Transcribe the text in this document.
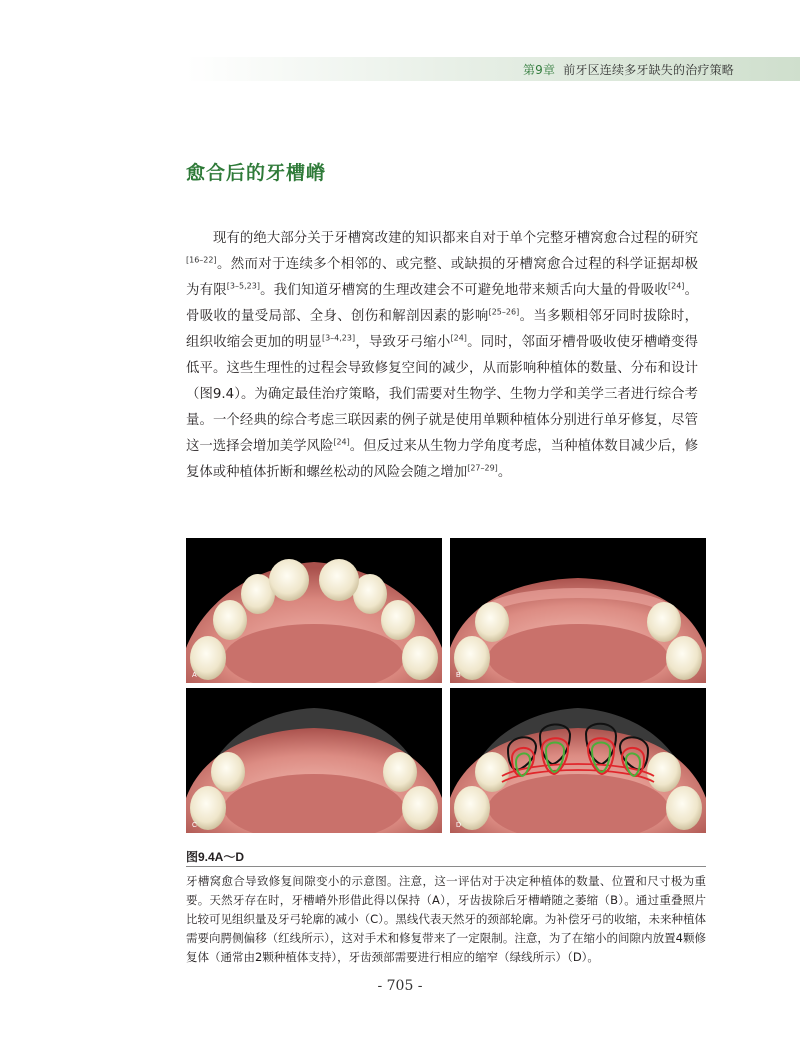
第9章 前牙区连续多牙缺失的治疗策略
愈合后的牙槽嵴

　　现有的绝大部分关于牙槽窝改建的知识都来自对于单个完整牙槽窝愈合过程的研究[16–22]。然而对于连续多个相邻的、或完整、或缺损的牙槽窝愈合过程的科学证据却极为有限[3–5,23]。我们知道牙槽窝的生理改建会不可避免地带来颊舌向大量的骨吸收[24]。骨吸收的量受局部、全身、创伤和解剖因素的影响[25–26]。当多颗相邻牙同时拔除时，组织收缩会更加的明显[3–4,23]，导致牙弓缩小[24]。同时，邻面牙槽骨吸收使牙槽嵴变得低平。这些生理性的过程会导致修复空间的减少，从而影响种植体的数量、分布和设计（图9.4）。为确定最佳治疗策略，我们需要对生物学、生物力学和美学三者进行综合考量。一个经典的综合考虑三联因素的例子就是使用单颗种植体分别进行单牙修复，尽管这一选择会增加美学风险[24]。但反过来从生物力学角度考虑，当种植体数目减少后，修复体或种植体折断和螺丝松动的风险会随之增加[27–29]。

A	B
C	D
图9.4A～D

牙槽窝愈合导致修复间隙变小的示意图。注意，这一评估对于决定种植体的数量、位置和尺寸极为重要。天然牙存在时，牙槽嵴外形借此得以保持（A），牙齿拔除后牙槽嵴随之萎缩（B）。通过重叠照片比较可见组织量及牙弓轮廓的减小（C）。黑线代表天然牙的颈部轮廓。为补偿牙弓的收缩，未来种植体需要向腭侧偏移（红线所示），这对手术和修复带来了一定限制。注意，为了在缩小的间隙内放置4颗修复体（通常由2颗种植体支持），牙齿颈部需要进行相应的缩窄（绿线所示）（D）。

- 705 -
